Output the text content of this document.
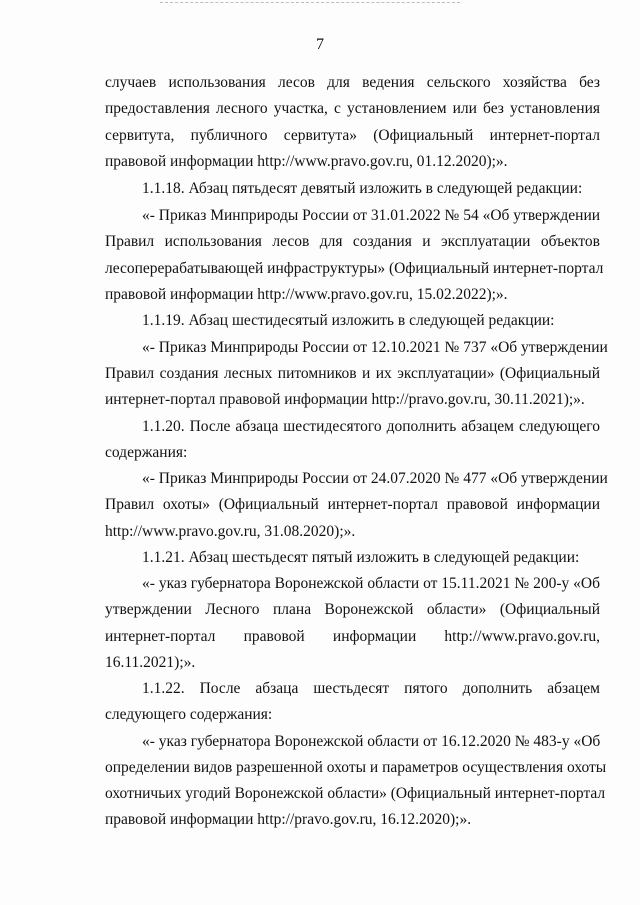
7
случаев использования лесов для ведения сельского хозяйства без
предоставления лесного участка, с установлением или без установления
сервитута, публичного сервитута» (Официальный интернет-портал
правовой информации http://www.pravo.gov.ru, 01.12.2020);».
1.1.18. Абзац пятьдесят девятый изложить в следующей редакции:
«- Приказ Минприроды России от 31.01.2022 № 54 «Об утверждении
Правил использования лесов для создания и эксплуатации объектов
лесоперерабатывающей инфраструктуры» (Официальный интернет-портал
правовой информации http://www.pravo.gov.ru, 15.02.2022);».
1.1.19. Абзац шестидесятый изложить в следующей редакции:
«- Приказ Минприроды России от 12.10.2021 № 737 «Об утверждении
Правил создания лесных питомников и их эксплуатации» (Официальный
интернет-портал правовой информации http://pravo.gov.ru, 30.11.2021);».
1.1.20. После абзаца шестидесятого дополнить абзацем следующего
содержания:
«- Приказ Минприроды России от 24.07.2020 № 477 «Об утверждении
Правил охоты» (Официальный интернет-портал правовой информации
http://www.pravo.gov.ru, 31.08.2020);».
1.1.21. Абзац шестьдесят пятый изложить в следующей редакции:
«- указ губернатора Воронежской области от 15.11.2021 № 200-у «Об
утверждении Лесного плана Воронежской области» (Официальный
интернет-портал правовой информации http://www.pravo.gov.ru,
16.11.2021);».
1.1.22. После абзаца шестьдесят пятого дополнить абзацем
следующего содержания:
«- указ губернатора Воронежской области от 16.12.2020 № 483-у «Об
определении видов разрешенной охоты и параметров осуществления охоты
охотничьих угодий Воронежской области» (Официальный интернет-портал
правовой информации http://pravo.gov.ru, 16.12.2020);».
